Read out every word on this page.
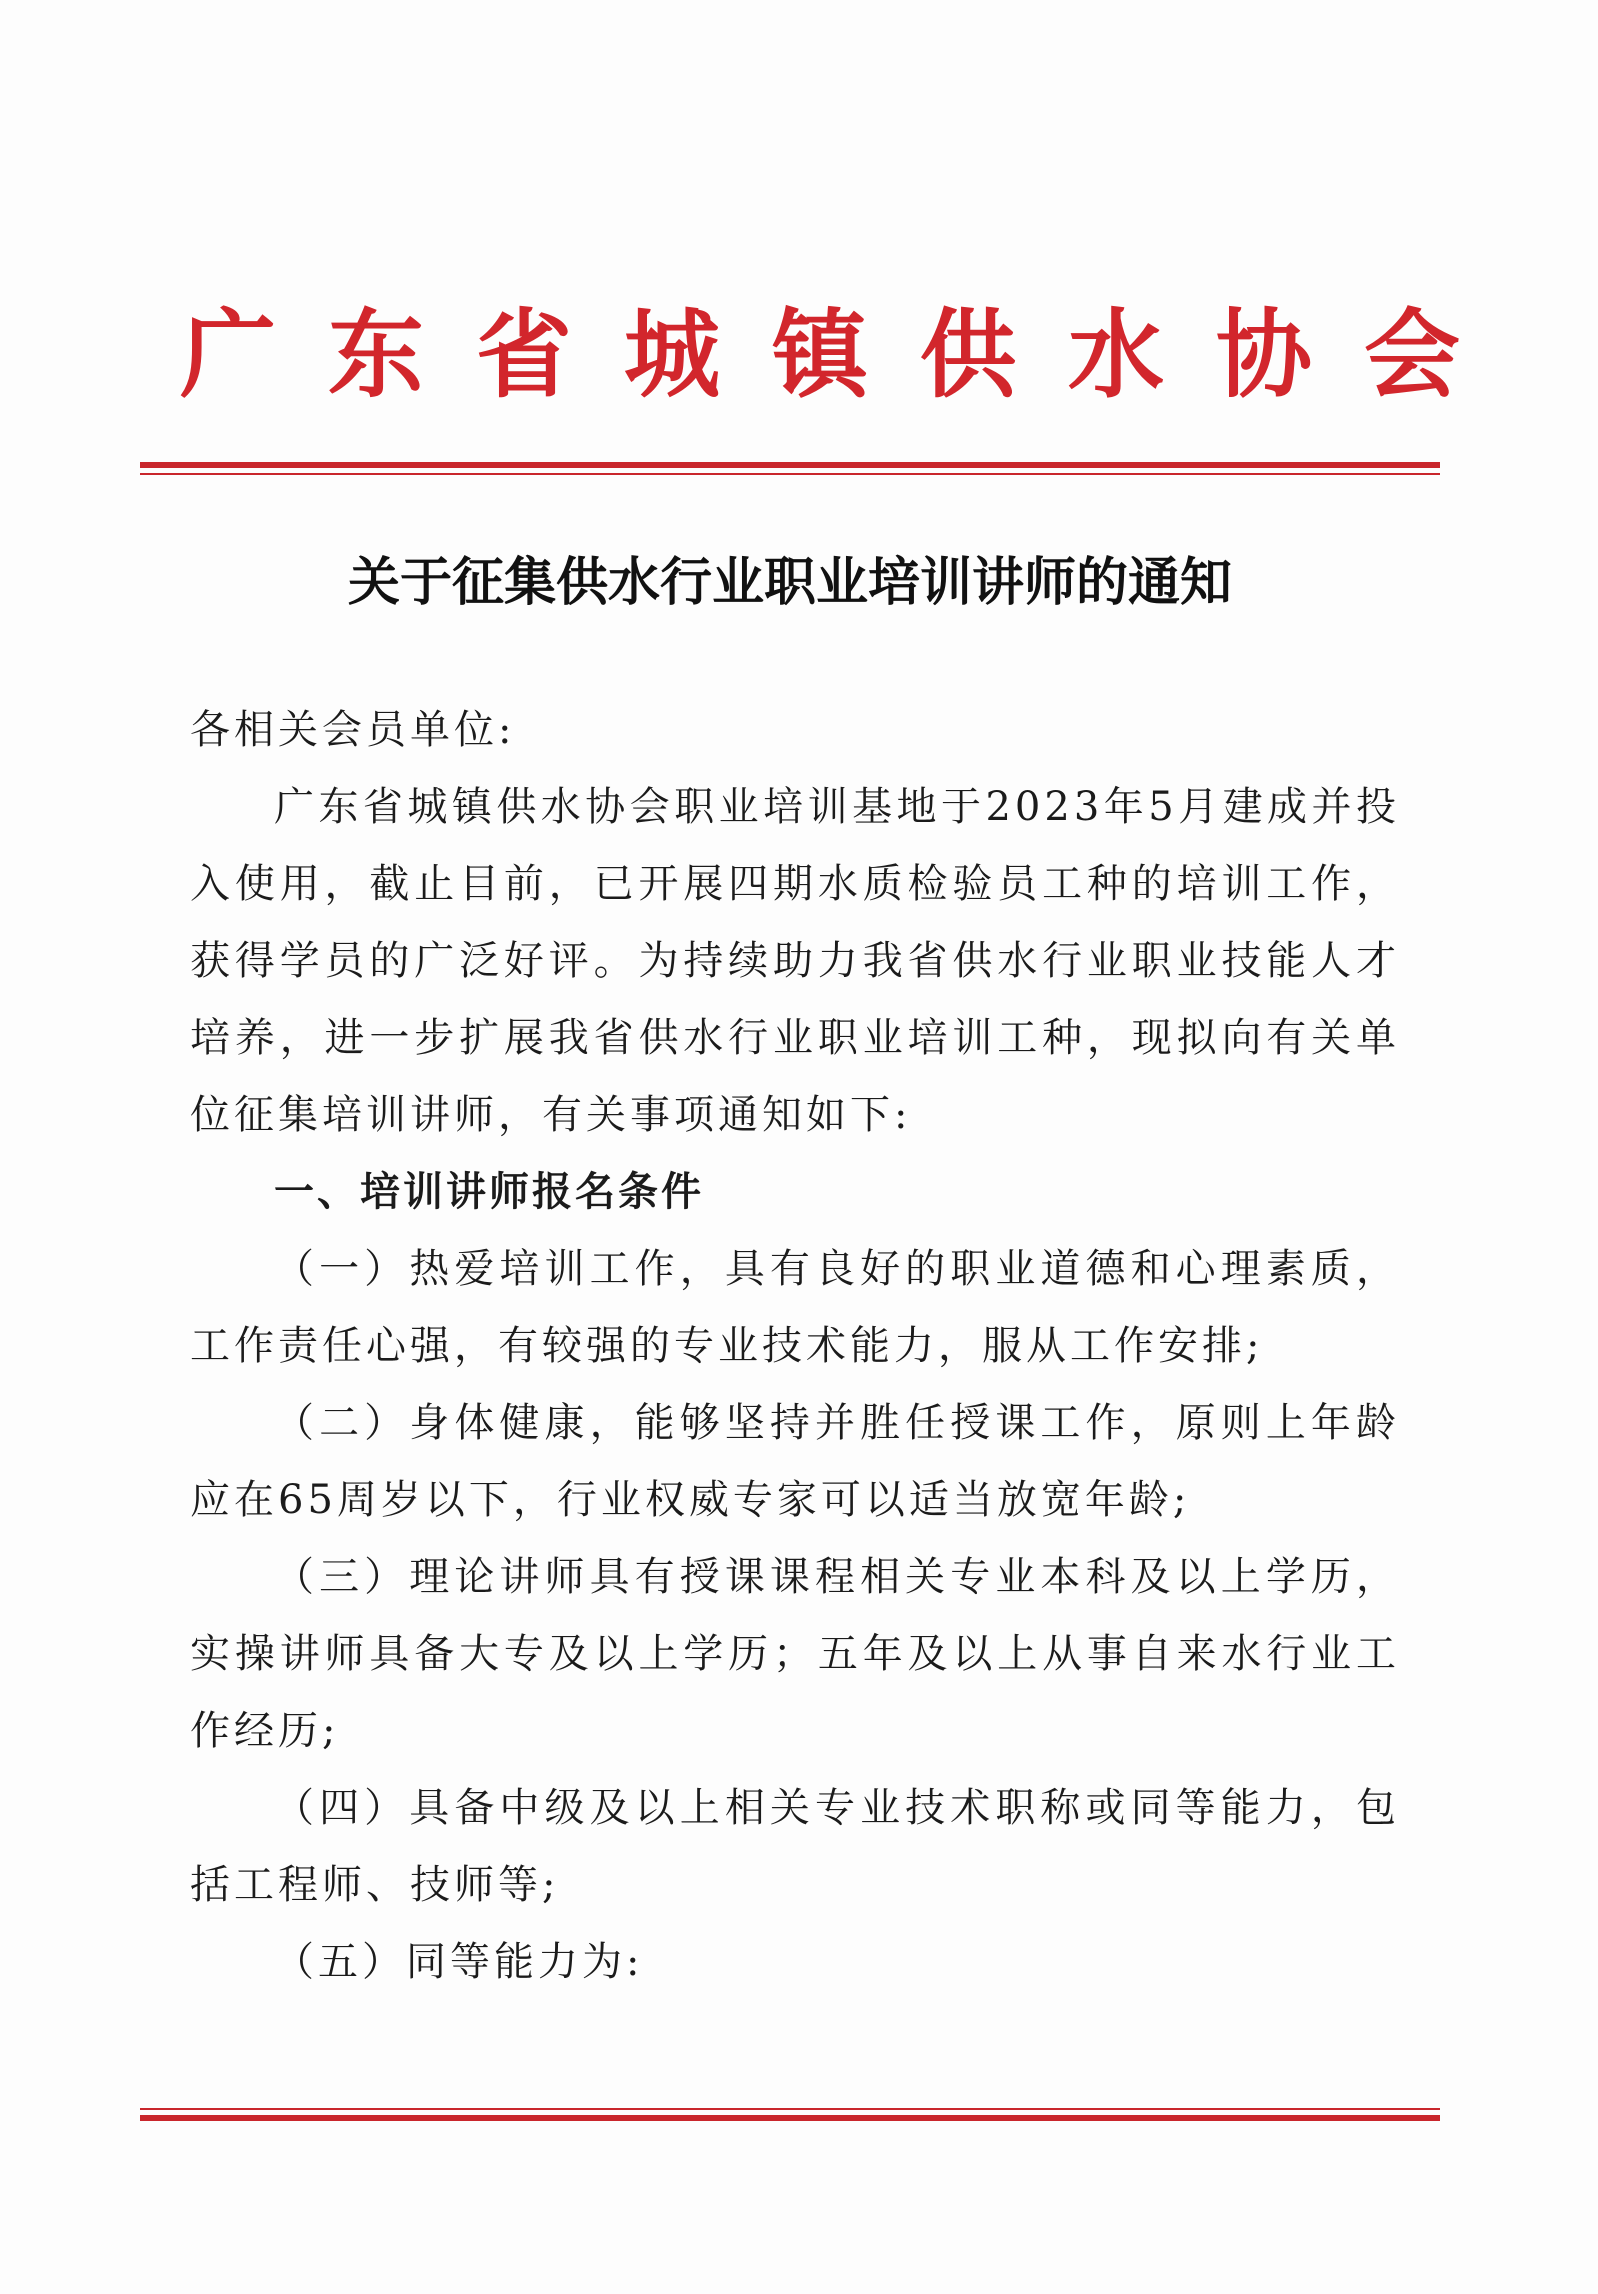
广东省城镇供水协会
关于征集供水行业职业培训讲师的通知

各相关会员单位:

广东省城镇供水协会职业培训基地于2023年5月建成并投入使用，截止目前，已开展四期水质检验员工种的培训工作，获得学员的广泛好评。为持续助力我省供水行业职业技能人才培养，进一步扩展我省供水行业职业培训工种，现拟向有关单位征集培训讲师，有关事项通知如下:

一、培训讲师报名条件

（一）热爱培训工作，具有良好的职业道德和心理素质，工作责任心强，有较强的专业技术能力，服从工作安排;

（二）身体健康，能够坚持并胜任授课工作，原则上年龄应在65周岁以下，行业权威专家可以适当放宽年龄;

（三）理论讲师具有授课课程相关专业本科及以上学历，实操讲师具备大专及以上学历；五年及以上从事自来水行业工作经历;

（四）具备中级及以上相关专业技术职称或同等能力，包括工程师、技师等;

（五）同等能力为:
